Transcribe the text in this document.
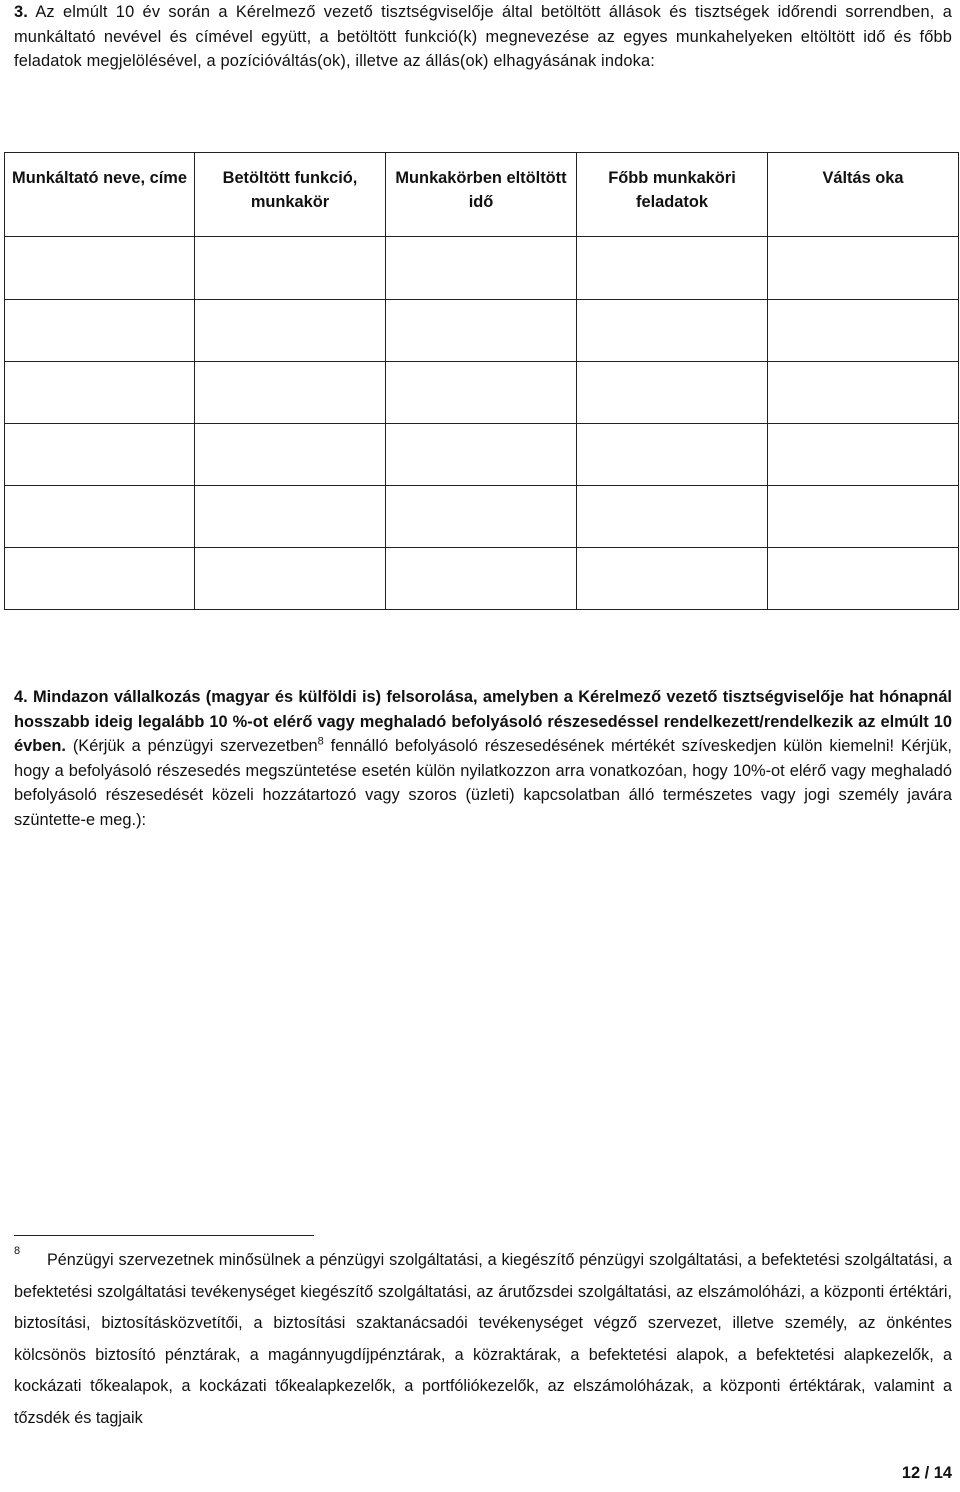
3. Az elmúlt 10 év során a Kérelmező vezető tisztségviselője által betöltött állások és tisztségek időrendi sorrendben, a munkáltató nevével és címével együtt, a betöltött funkció(k) megnevezése az egyes munkahelyeken eltöltött idő és főbb feladatok megjelölésével, a pozícióváltás(ok), illetve az állás(ok) elhagyásának indoka:
Munkáltató neve, címe	Betöltött funkció, munkakör	Munkakörben eltöltött idő	Főbb munkaköri feladatok	Váltás oka

4. Mindazon vállalkozás (magyar és külföldi is) felsorolása, amelyben a Kérelmező vezető tisztségviselője hat hónapnál hosszabb ideig legalább 10 %-ot elérő vagy meghaladó befolyásoló részesedéssel rendelkezett/rendelkezik az elmúlt 10 évben. (Kérjük a pénzügyi szervezetben$^8$ fennálló befolyásoló részesedésének mértékét szíveskedjen külön kiemelni! Kérjük, hogy a befolyásoló részesedés megszüntetése esetén külön nyilatkozzon arra vonatkozóan, hogy 10%-ot elérő vagy meghaladó befolyásoló részesedését közeli hozzátartozó vagy szoros (üzleti) kapcsolatban álló természetes vagy jogi személy javára szüntette-e meg.):
8 Pénzügyi szervezetnek minősülnek a pénzügyi szolgáltatási, a kiegészítő pénzügyi szolgáltatási, a befektetési szolgáltatási, a befektetési szolgáltatási tevékenységet kiegészítő szolgáltatási, az árutőzsdei szolgáltatási, az elszámolóházi, a központi értéktári, biztosítási, biztosításközvetítői, a biztosítási szaktanácsadói tevékenységet végző szervezet, illetve személy, az önkéntes kölcsönös biztosító pénztárak, a magánnyugdíjpénztárak, a közraktárak, a befektetési alapok, a befektetési alapkezelők, a kockázati tőkealapok, a kockázati tőkealapkezelők, a portfóliókezelők, az elszámolóházak, a központi értéktárak, valamint a tőzsdék és tagjaik
12 / 14
